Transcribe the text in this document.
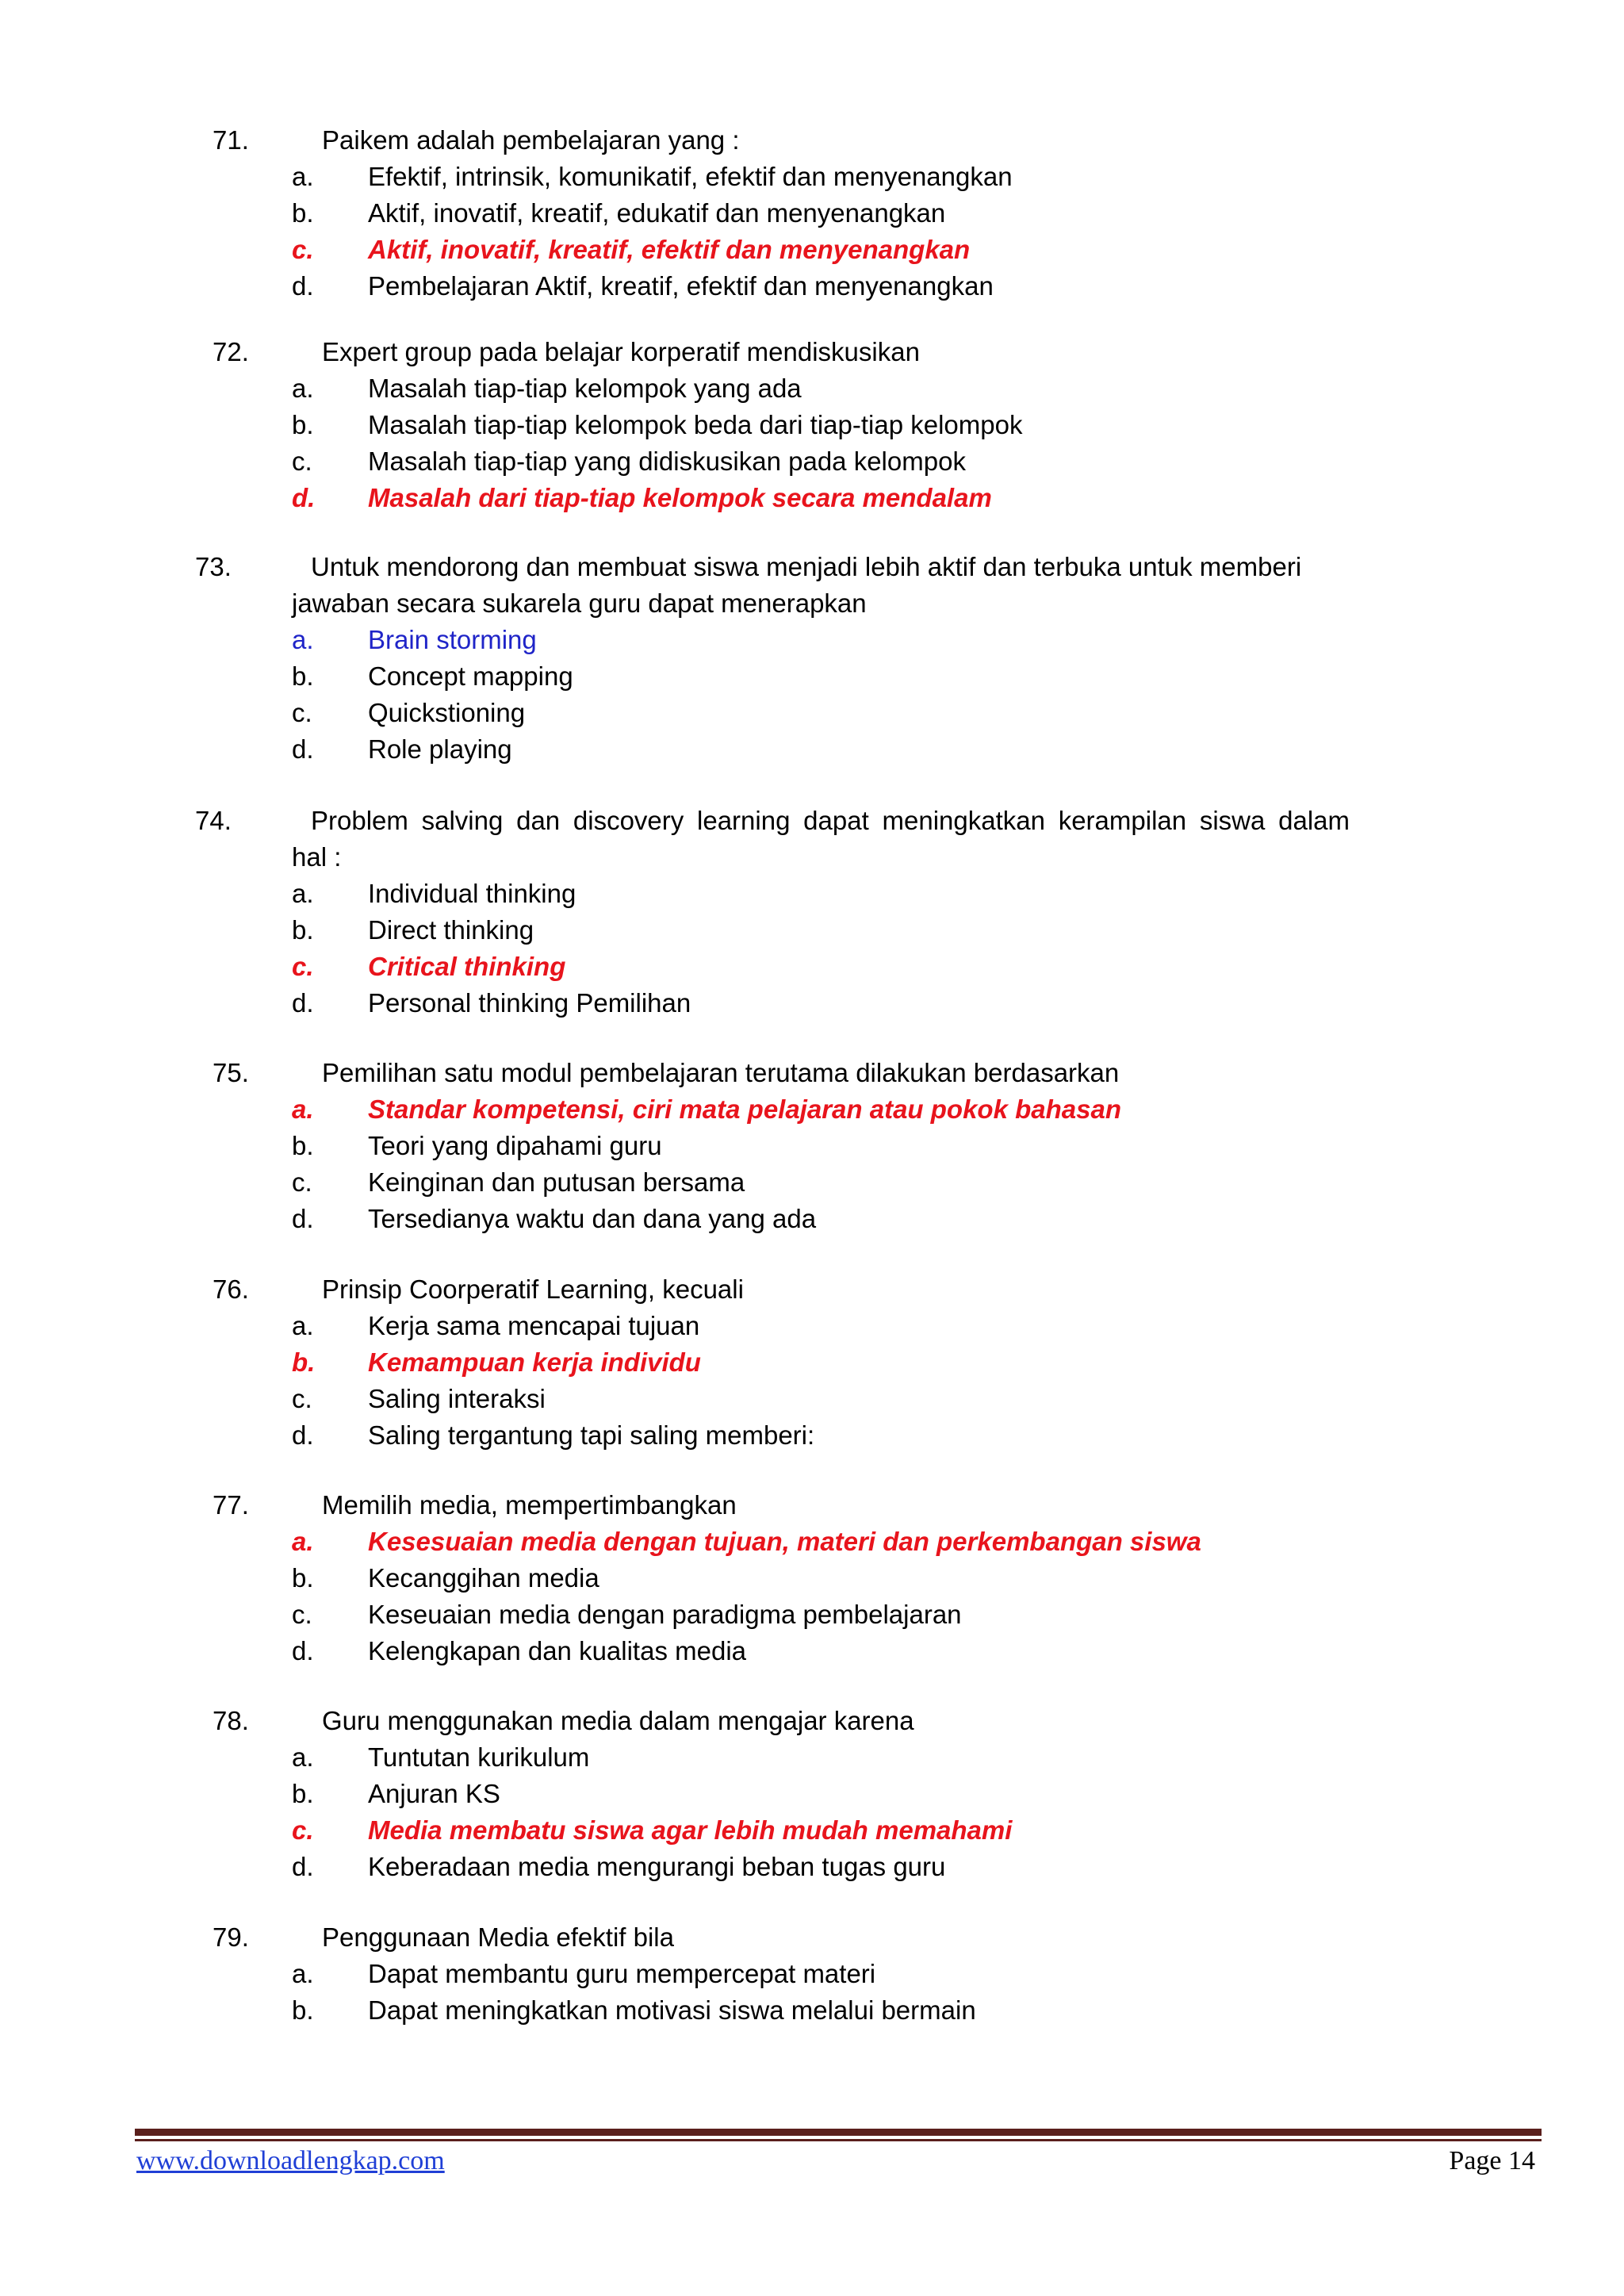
71.	Paikem adalah pembelajaran yang :
a. Efektif, intrinsik, komunikatif, efektif dan menyenangkan
b. Aktif, inovatif, kreatif, edukatif dan menyenangkan
c. Aktif, inovatif, kreatif, efektif dan menyenangkan
d. Pembelajaran Aktif, kreatif, efektif dan menyenangkan
72.	Expert group pada belajar korperatif mendiskusikan
a. Masalah tiap-tiap kelompok yang ada
b. Masalah tiap-tiap kelompok beda dari tiap-tiap kelompok
c. Masalah tiap-tiap yang didiskusikan pada kelompok
d. Masalah dari tiap-tiap kelompok secara mendalam
73.	Untuk mendorong dan membuat siswa menjadi lebih aktif dan terbuka untuk memberi
jawaban secara sukarela guru dapat menerapkan
a. Brain storming
b. Concept mapping
c. Quickstioning
d. Role playing
74.	Problem salving dan discovery learning dapat meningkatkan kerampilan siswa dalam
hal :
a. Individual thinking
b. Direct thinking
c. Critical thinking
d. Personal thinking Pemilihan
75.	Pemilihan satu modul pembelajaran terutama dilakukan berdasarkan
a. Standar kompetensi, ciri mata pelajaran atau pokok bahasan
b. Teori yang dipahami guru
c. Keinginan dan putusan bersama
d. Tersedianya waktu dan dana yang ada
76.	Prinsip Coorperatif Learning, kecuali
a. Kerja sama mencapai tujuan
b. Kemampuan kerja individu
c. Saling interaksi
d. Saling tergantung tapi saling memberi:
77.	Memilih media, mempertimbangkan
a. Kesesuaian media dengan tujuan, materi dan perkembangan siswa
b. Kecanggihan media
c. Keseuaian media dengan paradigma pembelajaran
d. Kelengkapan dan kualitas media
78.	Guru menggunakan media dalam mengajar karena
a. Tuntutan kurikulum
b. Anjuran KS
c. Media membatu siswa agar lebih mudah memahami
d. Keberadaan media mengurangi beban tugas guru
79.	Penggunaan Media efektif bila
a. Dapat membantu guru mempercepat materi
b. Dapat meningkatkan motivasi siswa melalui bermain
www.downloadlengkap.com	Page 14
